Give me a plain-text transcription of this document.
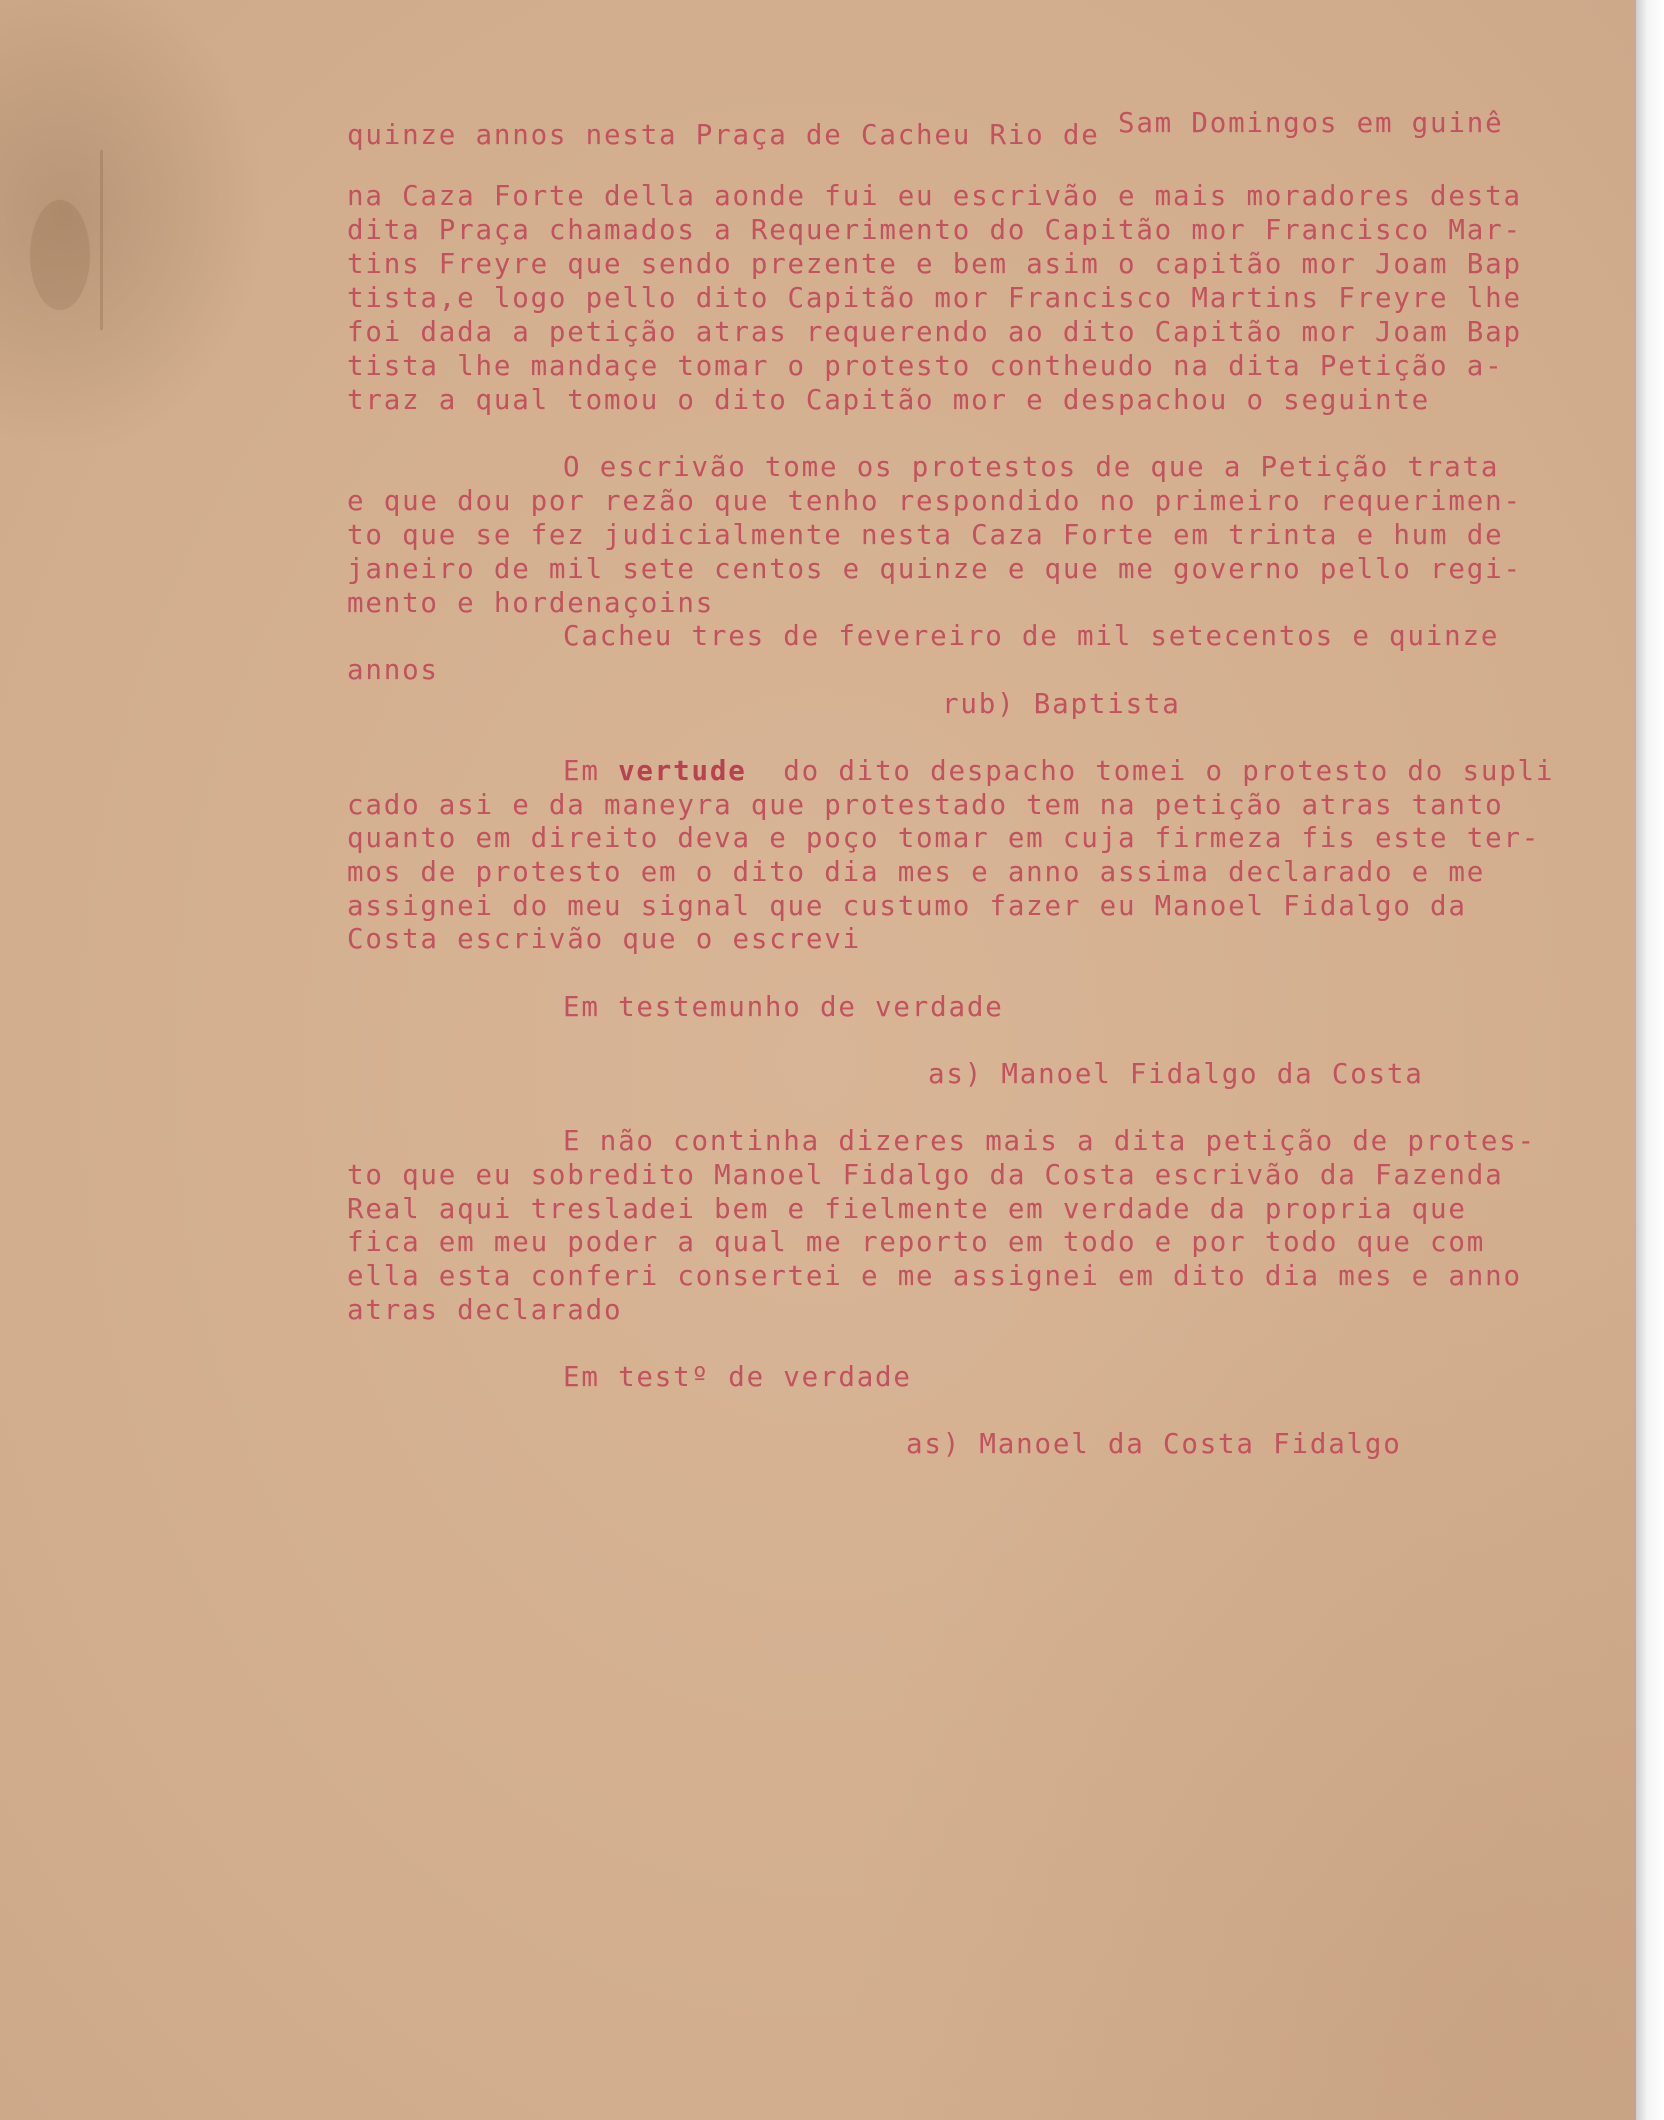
quinze annos nesta Praça de Cacheu Rio de Sam Domingos em guinê

na Caza Forte della aonde fui eu escrivão e mais moradores desta

dita Praça chamados a Requerimento do Capitão mor Francisco Mar-

tins Freyre que sendo prezente e bem asim o capitão mor Joam Bap

tista,e logo pello dito Capitão mor Francisco Martins Freyre lhe

foi dada a petição atras requerendo ao dito Capitão mor Joam Bap

tista lhe mandaçe tomar o protesto contheudo na dita Petição a-

traz a qual tomou o dito Capitão mor e despachou o seguinte

O escrivão tome os protestos de que a Petição trata

e que dou por rezão que tenho respondido no primeiro requerimen-

to que se fez judicialmente nesta Caza Forte em trinta e hum de

janeiro de mil sete centos e quinze e que me governo pello regi-

mento e hordenaçoins

Cacheu tres de fevereiro de mil setecentos e quinze

annos

rub) Baptista

Em vertude  do dito despacho tomei o protesto do supli

cado asi e da maneyra que protestado tem na petição atras tanto

quanto em direito deva e poço tomar em cuja firmeza fis este ter-

mos de protesto em o dito dia mes e anno assima declarado e me

assignei do meu signal que custumo fazer eu Manoel Fidalgo da

Costa escrivão que o escrevi

Em testemunho de verdade

as) Manoel Fidalgo da Costa

E não continha dizeres mais a dita petição de protes-

to que eu sobredito Manoel Fidalgo da Costa escrivão da Fazenda

Real aqui tresladei bem e fielmente em verdade da propria que

fica em meu poder a qual me reporto em todo e por todo que com

ella esta conferi consertei e me assignei em dito dia mes e anno

atras declarado

Em testº de verdade

as) Manoel da Costa Fidalgo
